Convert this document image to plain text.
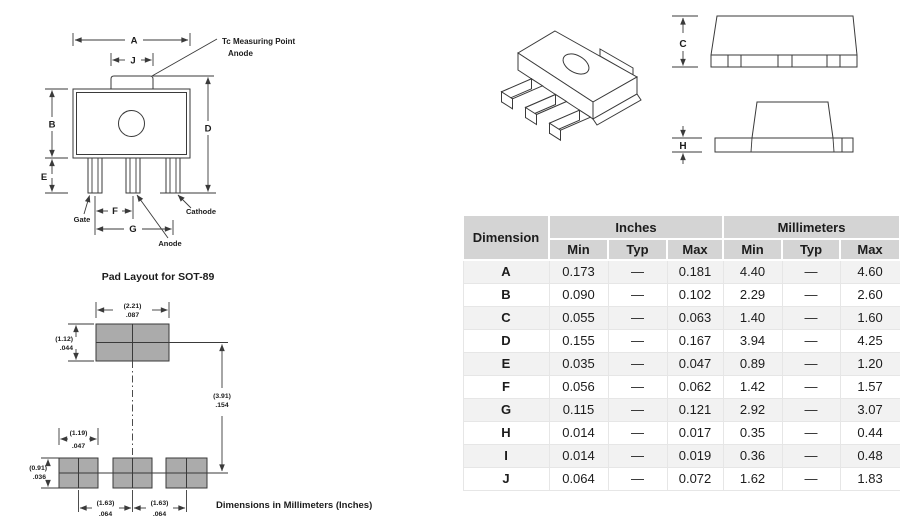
A	Tc Measuring Point
Anode
J
B
E
D
F
G
Gate
Anode
Cathode
Pad Layout for SOT-89
(2.21)
.087
(1.12)
.044
(3.91)
.154
(1.19)
.047
(0.91)
.036
(1.63)
.064
(1.63)
.064
Dimensions in Millimeters (Inches)
C
H
Dimension	Inches			Millimeters		
	Min	Typ	Max	Min	Typ	Max
A	0.173	—	0.181	4.40	—	4.60
B	0.090	—	0.102	2.29	—	2.60
C	0.055	—	0.063	1.40	—	1.60
D	0.155	—	0.167	3.94	—	4.25
E	0.035	—	0.047	0.89	—	1.20
F	0.056	—	0.062	1.42	—	1.57
G	0.115	—	0.121	2.92	—	3.07
H	0.014	—	0.017	0.35	—	0.44
I	0.014	—	0.019	0.36	—	0.48
J	0.064	—	0.072	1.62	—	1.83
